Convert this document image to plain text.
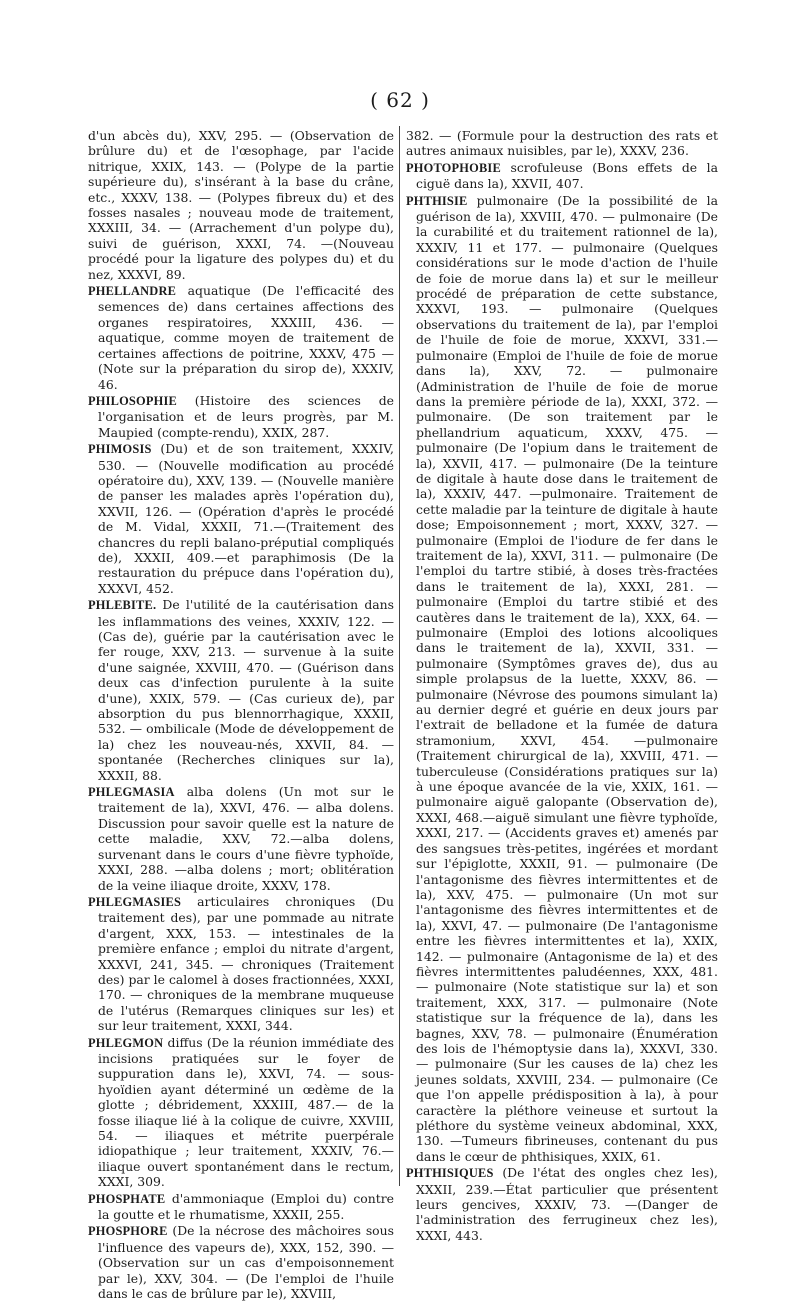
( 62 )

d'un abcès du), XXV, 295. — (Observation de brûlure du) et de l'œsophage, par l'acide nitrique, XXIX, 143. — (Polype de la partie supérieure du), s'insérant à la base du crâne, etc., XXXV, 138. — (Polypes fibreux du) et des fosses nasales ; nouveau mode de traitement, XXXIII, 34. — (Arrachement d'un polype du), suivi de guérison, XXXI, 74. —(Nouveau procédé pour la ligature des polypes du) et du nez, XXXVI, 89.

PHELLANDRE aquatique (De l'efficacité des semences de) dans certaines affections des organes respiratoires, XXXIII, 436. — aquatique, comme moyen de traitement de certaines affections de poitrine, XXXV, 475 — (Note sur la préparation du sirop de), XXXIV, 46.

PHILOSOPHIE (Histoire des sciences de l'organisation et de leurs progrès, par M. Maupied (compte-rendu), XXIX, 287.

PHIMOSIS (Du) et de son traitement, XXXIV, 530. — (Nouvelle modification au procédé opératoire du), XXV, 139. — (Nouvelle manière de panser les malades après l'opération du), XXVII, 126. — (Opération d'après le procédé de M. Vidal, XXXII, 71.—(Traitement des chancres du repli balano-préputial compliqués de), XXXII, 409.—et paraphimosis (De la restauration du prépuce dans l'opération du), XXXVI, 452.

PHLEBITE. De l'utilité de la cautérisation dans les inflammations des veines, XXXIV, 122. — (Cas de), guérie par la cautérisation avec le fer rouge, XXV, 213. — survenue à la suite d'une saignée, XXVIII, 470. — (Guérison dans deux cas d'infection purulente à la suite d'une), XXIX, 579. — (Cas curieux de), par absorption du pus blennorrhagique, XXXII, 532. — ombilicale (Mode de développement de la) chez les nouveau-nés, XXVII, 84. — spontanée (Recherches cliniques sur la), XXXII, 88.

PHLEGMASIA alba dolens (Un mot sur le traitement de la), XXVI, 476. — alba dolens. Discussion pour savoir quelle est la nature de cette maladie, XXV, 72.—alba dolens, survenant dans le cours d'une fièvre typhoïde, XXXI, 288. —alba dolens ; mort; oblitération de la veine iliaque droite, XXXV, 178.

PHLEGMASIES articulaires chroniques (Du traitement des), par une pommade au nitrate d'argent, XXX, 153. — intestinales de la première enfance ; emploi du nitrate d'argent, XXXVI, 241, 345. — chroniques (Traitement des) par le calomel à doses fractionnées, XXXI, 170. — chroniques de la membrane muqueuse de l'utérus (Remarques cliniques sur les) et sur leur traitement, XXXI, 344.

PHLEGMON diffus (De la réunion immédiate des incisions pratiquées sur le foyer de suppuration dans le), XXVI, 74. — sous-hyoïdien ayant déterminé un œdème de la glotte ; débridement, XXXIII, 487.— de la fosse iliaque lié à la colique de cuivre, XXVIII, 54. — iliaques et métrite puerpérale idiopathique ; leur traitement, XXXIV, 76.—iliaque ouvert spontanément dans le rectum, XXXI, 309.

PHOSPHATE d'ammoniaque (Emploi du) contre la goutte et le rhumatisme, XXXII, 255.

PHOSPHORE (De la nécrose des mâchoires sous l'influence des vapeurs de), XXX, 152, 390. — (Observation sur un cas d'empoisonnement par le), XXV, 304. — (De l'emploi de l'huile dans le cas de brûlure par le), XXVIII,

382. — (Formule pour la destruction des rats et autres animaux nuisibles, par le), XXXV, 236.

PHOTOPHOBIE scrofuleuse (Bons effets de la ciguë dans la), XXVII, 407.

PHTHISIE pulmonaire (De la possibilité de la guérison de la), XXVIII, 470. — pulmonaire (De la curabilité et du traitement rationnel de la), XXXIV, 11 et 177. — pulmonaire (Quelques considérations sur le mode d'action de l'huile de foie de morue dans la) et sur le meilleur procédé de préparation de cette substance, XXXVI, 193. — pulmonaire (Quelques observations du traitement de la), par l'emploi de l'huile de foie de morue, XXXVI, 331.—pulmonaire (Emploi de l'huile de foie de morue dans la), XXV, 72. — pulmonaire (Administration de l'huile de foie de morue dans la première période de la), XXXI, 372. — pulmonaire. (De son traitement par le phellandrium aquaticum, XXXV, 475. — pulmonaire (De l'opium dans le traitement de la), XXVII, 417. — pulmonaire (De la teinture de digitale à haute dose dans le traitement de la), XXXIV, 447. —pulmonaire. Traitement de cette maladie par la teinture de digitale à haute dose; Empoisonnement ; mort, XXXV, 327. — pulmonaire (Emploi de l'iodure de fer dans le traitement de la), XXVI, 311. — pulmonaire (De l'emploi du tartre stibié, à doses très-fractées dans le traitement de la), XXXI, 281. — pulmonaire (Emploi du tartre stibié et des cautères dans le traitement de la), XXX, 64. —pulmonaire (Emploi des lotions alcooliques dans le traitement de la), XXVII, 331. — pulmonaire (Symptômes graves de), dus au simple prolapsus de la luette, XXXV, 86. — pulmonaire (Névrose des poumons simulant la) au dernier degré et guérie en deux jours par l'extrait de belladone et la fumée de datura stramonium, XXVI, 454. —pulmonaire (Traitement chirurgical de la), XXVIII, 471. — tuberculeuse (Considérations pratiques sur la) à une époque avancée de la vie, XXIX, 161. — pulmonaire aiguë galopante (Observation de), XXXI, 468.—aiguë simulant une fièvre typhoïde, XXXI, 217. — (Accidents graves et) amenés par des sangsues très-petites, ingérées et mordant sur l'épiglotte, XXXII, 91. — pulmonaire (De l'antagonisme des fièvres intermittentes et de la), XXV, 475. — pulmonaire (Un mot sur l'antagonisme des fièvres intermittentes et de la), XXVI, 47. — pulmonaire (De l'antagonisme entre les fièvres intermittentes et la), XXIX, 142. — pulmonaire (Antagonisme de la) et des fièvres intermittentes paludéennes, XXX, 481. — pulmonaire (Note statistique sur la) et son traitement, XXX, 317. — pulmonaire (Note statistique sur la fréquence de la), dans les bagnes, XXV, 78. — pulmonaire (Énumération des lois de l'hémoptysie dans la), XXXVI, 330. — pulmonaire (Sur les causes de la) chez les jeunes soldats, XXVIII, 234. — pulmonaire (Ce que l'on appelle prédisposition à la), à pour caractère la pléthore veineuse et surtout la pléthore du système veineux abdominal, XXX, 130. —Tumeurs fibrineuses, contenant du pus dans le cœur de phthisiques, XXIX, 61.

PHTHISIQUES (De l'état des ongles chez les), XXXII, 239.—État particulier que présentent leurs gencives, XXXIV, 73. —(Danger de l'administration des ferrugineux chez les), XXXI, 443.
